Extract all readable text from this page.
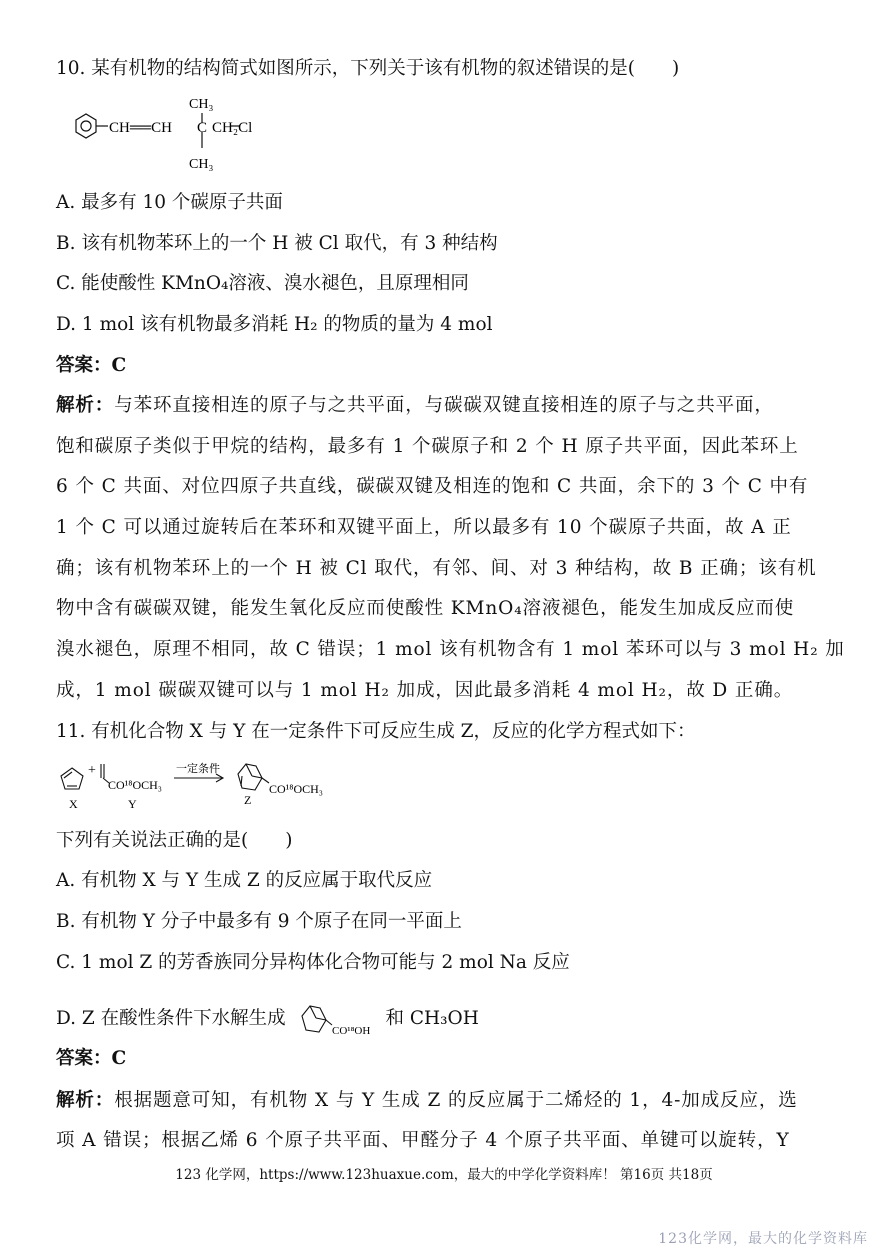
10. 某有机物的结构简式如图所示，下列关于该有机物的叙述错误的是(　　)
CH══CH C CH₂Cl
CH₃
CH₃
A. 最多有 10 个碳原子共面
B. 该有机物苯环上的一个 H 被 Cl 取代，有 3 种结构
C. 能使酸性 KMnO₄溶液、溴水褪色，且原理相同
D. 1 mol 该有机物最多消耗 H₂ 的物质的量为 4 mol
答案：C
解析：与苯环直接相连的原子与之共平面，与碳碳双键直接相连的原子与之共平面，
饱和碳原子类似于甲烷的结构，最多有 1 个碳原子和 2 个 H 原子共平面，因此苯环上
6 个 C 共面、对位四原子共直线，碳碳双键及相连的饱和 C 共面，余下的 3 个 C 中有
1 个 C 可以通过旋转后在苯环和双键平面上，所以最多有 10 个碳原子共面，故 A 正
确；该有机物苯环上的一个 H 被 Cl 取代，有邻、间、对 3 种结构，故 B 正确；该有机
物中含有碳碳双键，能发生氧化反应而使酸性 KMnO₄溶液褪色，能发生加成反应而使
溴水褪色，原理不相同，故 C 错误；1 mol 该有机物含有 1 mol 苯环可以与 3 mol H₂ 加
成，1 mol 碳碳双键可以与 1 mol H₂ 加成，因此最多消耗 4 mol H₂，故 D 正确。
11. 有机化合物 X 与 Y 在一定条件下可反应生成 Z，反应的化学方程式如下：
+
CO¹⁸OCH₃
一定条件
CO¹⁸OCH₃
X	Y	Z
下列有关说法正确的是(　　)
A. 有机物 X 与 Y 生成 Z 的反应属于取代反应
B. 有机物 Y 分子中最多有 9 个原子在同一平面上
C. 1 mol Z 的芳香族同分异构体化合物可能与 2 mol Na 反应
D. Z 在酸性条件下水解生成
CO¹⁸OH
和 CH₃OH
答案：C
解析：根据题意可知，有机物 X 与 Y 生成 Z 的反应属于二烯烃的 1，4-加成反应，选
项 A 错误；根据乙烯 6 个原子共平面、甲醛分子 4 个原子共平面、单键可以旋转，Y
123 化学网，https://www.123huaxue.com，最大的中学化学资料库！ 第16页 共18页
123化学网，最大的化学资料库
